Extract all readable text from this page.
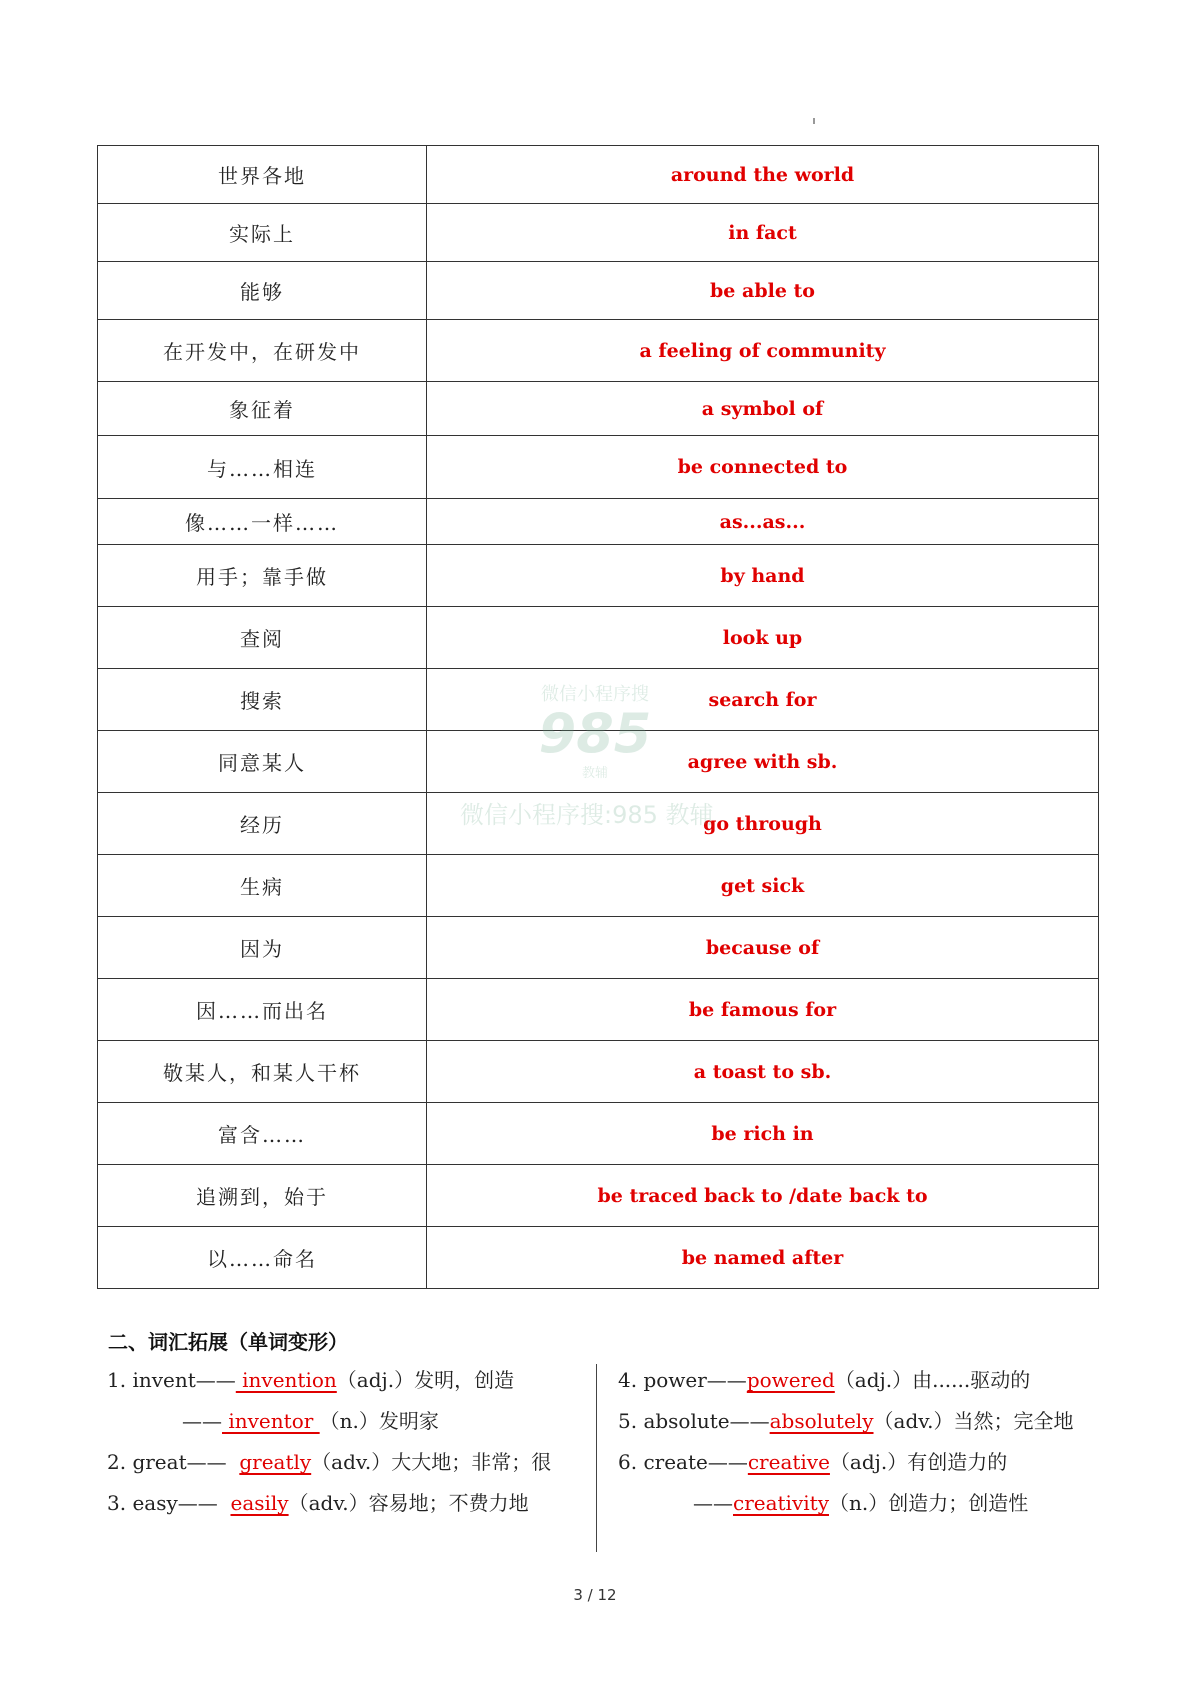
世界各地	around the world
实际上	in fact
能够	be able to
在开发中，在研发中	a feeling of community
象征着	a symbol of
与……相连	be connected to
像……一样……	as...as...
用手；靠手做	by hand
查阅	look up
搜索	search for
同意某人	agree with sb.
经历	go through
生病	get sick
因为	because of
因……而出名	be famous for
敬某人，和某人干杯	a toast to sb.
富含……	be rich in
追溯到，始于	be traced back to /date back to
以……命名	be named after
微信小程序搜
985
教辅
微信小程序搜:985 教辅
二、词汇拓展（单词变形）
1. invent—— invention（adj.）发明，创造
—— inventor （n.）发明家
2. great——  greatly（adv.）大大地；非常；很
3. easy——  easily（adv.）容易地；不费力地
4. power——powered（adj.）由......驱动的
5. absolute——absolutely（adv.）当然；完全地
6. create——creative（adj.）有创造力的
——creativity（n.）创造力；创造性
3 / 12
